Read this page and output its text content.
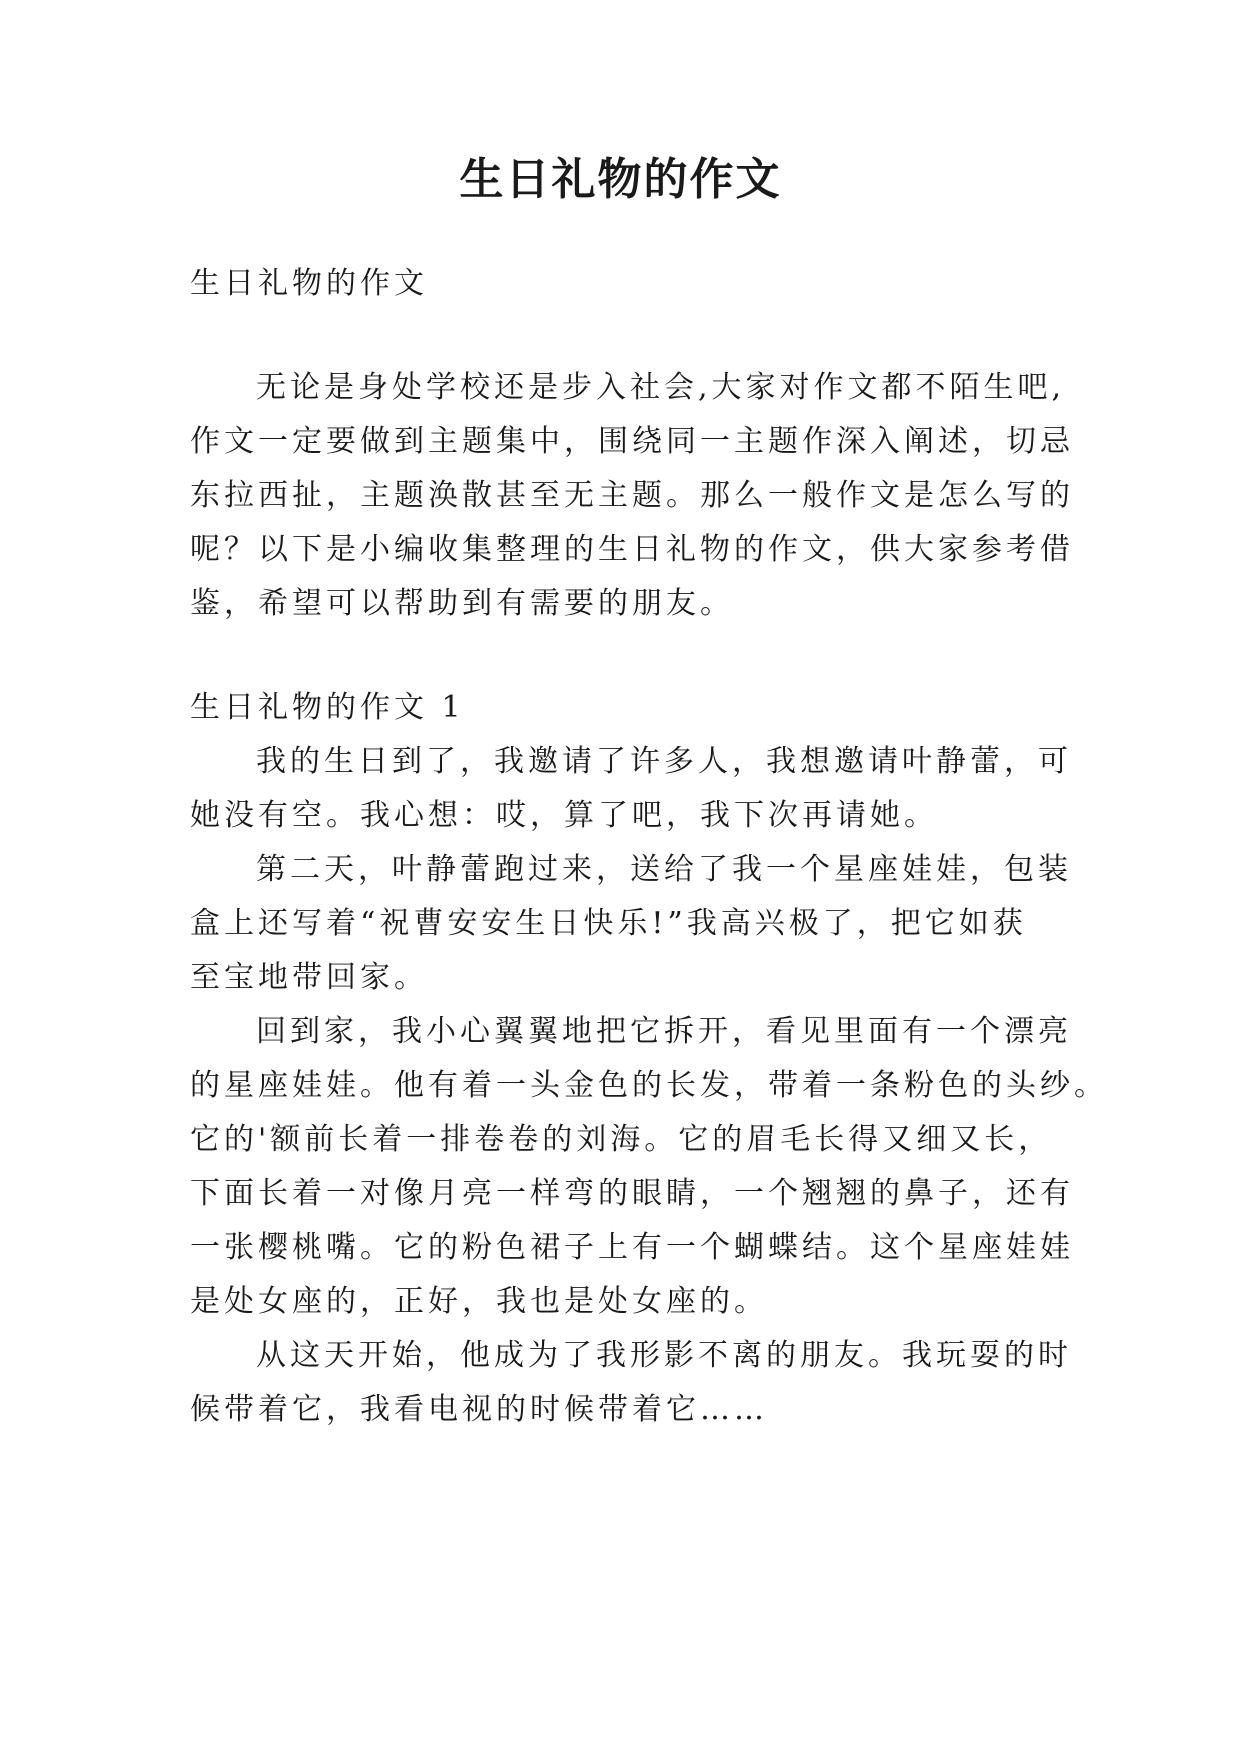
生日礼物的作文
生日礼物的作文
无论是身处学校还是步入社会,大家对作文都不陌生吧,
作文一定要做到主题集中，围绕同一主题作深入阐述，切忌
东拉西扯，主题涣散甚至无主题。那么一般作文是怎么写的
呢？以下是小编收集整理的生日礼物的作文，供大家参考借
鉴，希望可以帮助到有需要的朋友。
生日礼物的作文 1
我的生日到了，我邀请了许多人，我想邀请叶静蕾，可
她没有空。我心想：哎，算了吧，我下次再请她。
第二天，叶静蕾跑过来，送给了我一个星座娃娃，包装
盒上还写着“祝曹安安生日快乐!”我高兴极了，把它如获
至宝地带回家。
回到家，我小心翼翼地把它拆开，看见里面有一个漂亮
的星座娃娃。他有着一头金色的长发，带着一条粉色的头纱。
它的'额前长着一排卷卷的刘海。它的眉毛长得又细又长，
下面长着一对像月亮一样弯的眼睛，一个翘翘的鼻子，还有
一张樱桃嘴。它的粉色裙子上有一个蝴蝶结。这个星座娃娃
是处女座的，正好，我也是处女座的。
从这天开始，他成为了我形影不离的朋友。我玩耍的时
候带着它，我看电视的时候带着它……
